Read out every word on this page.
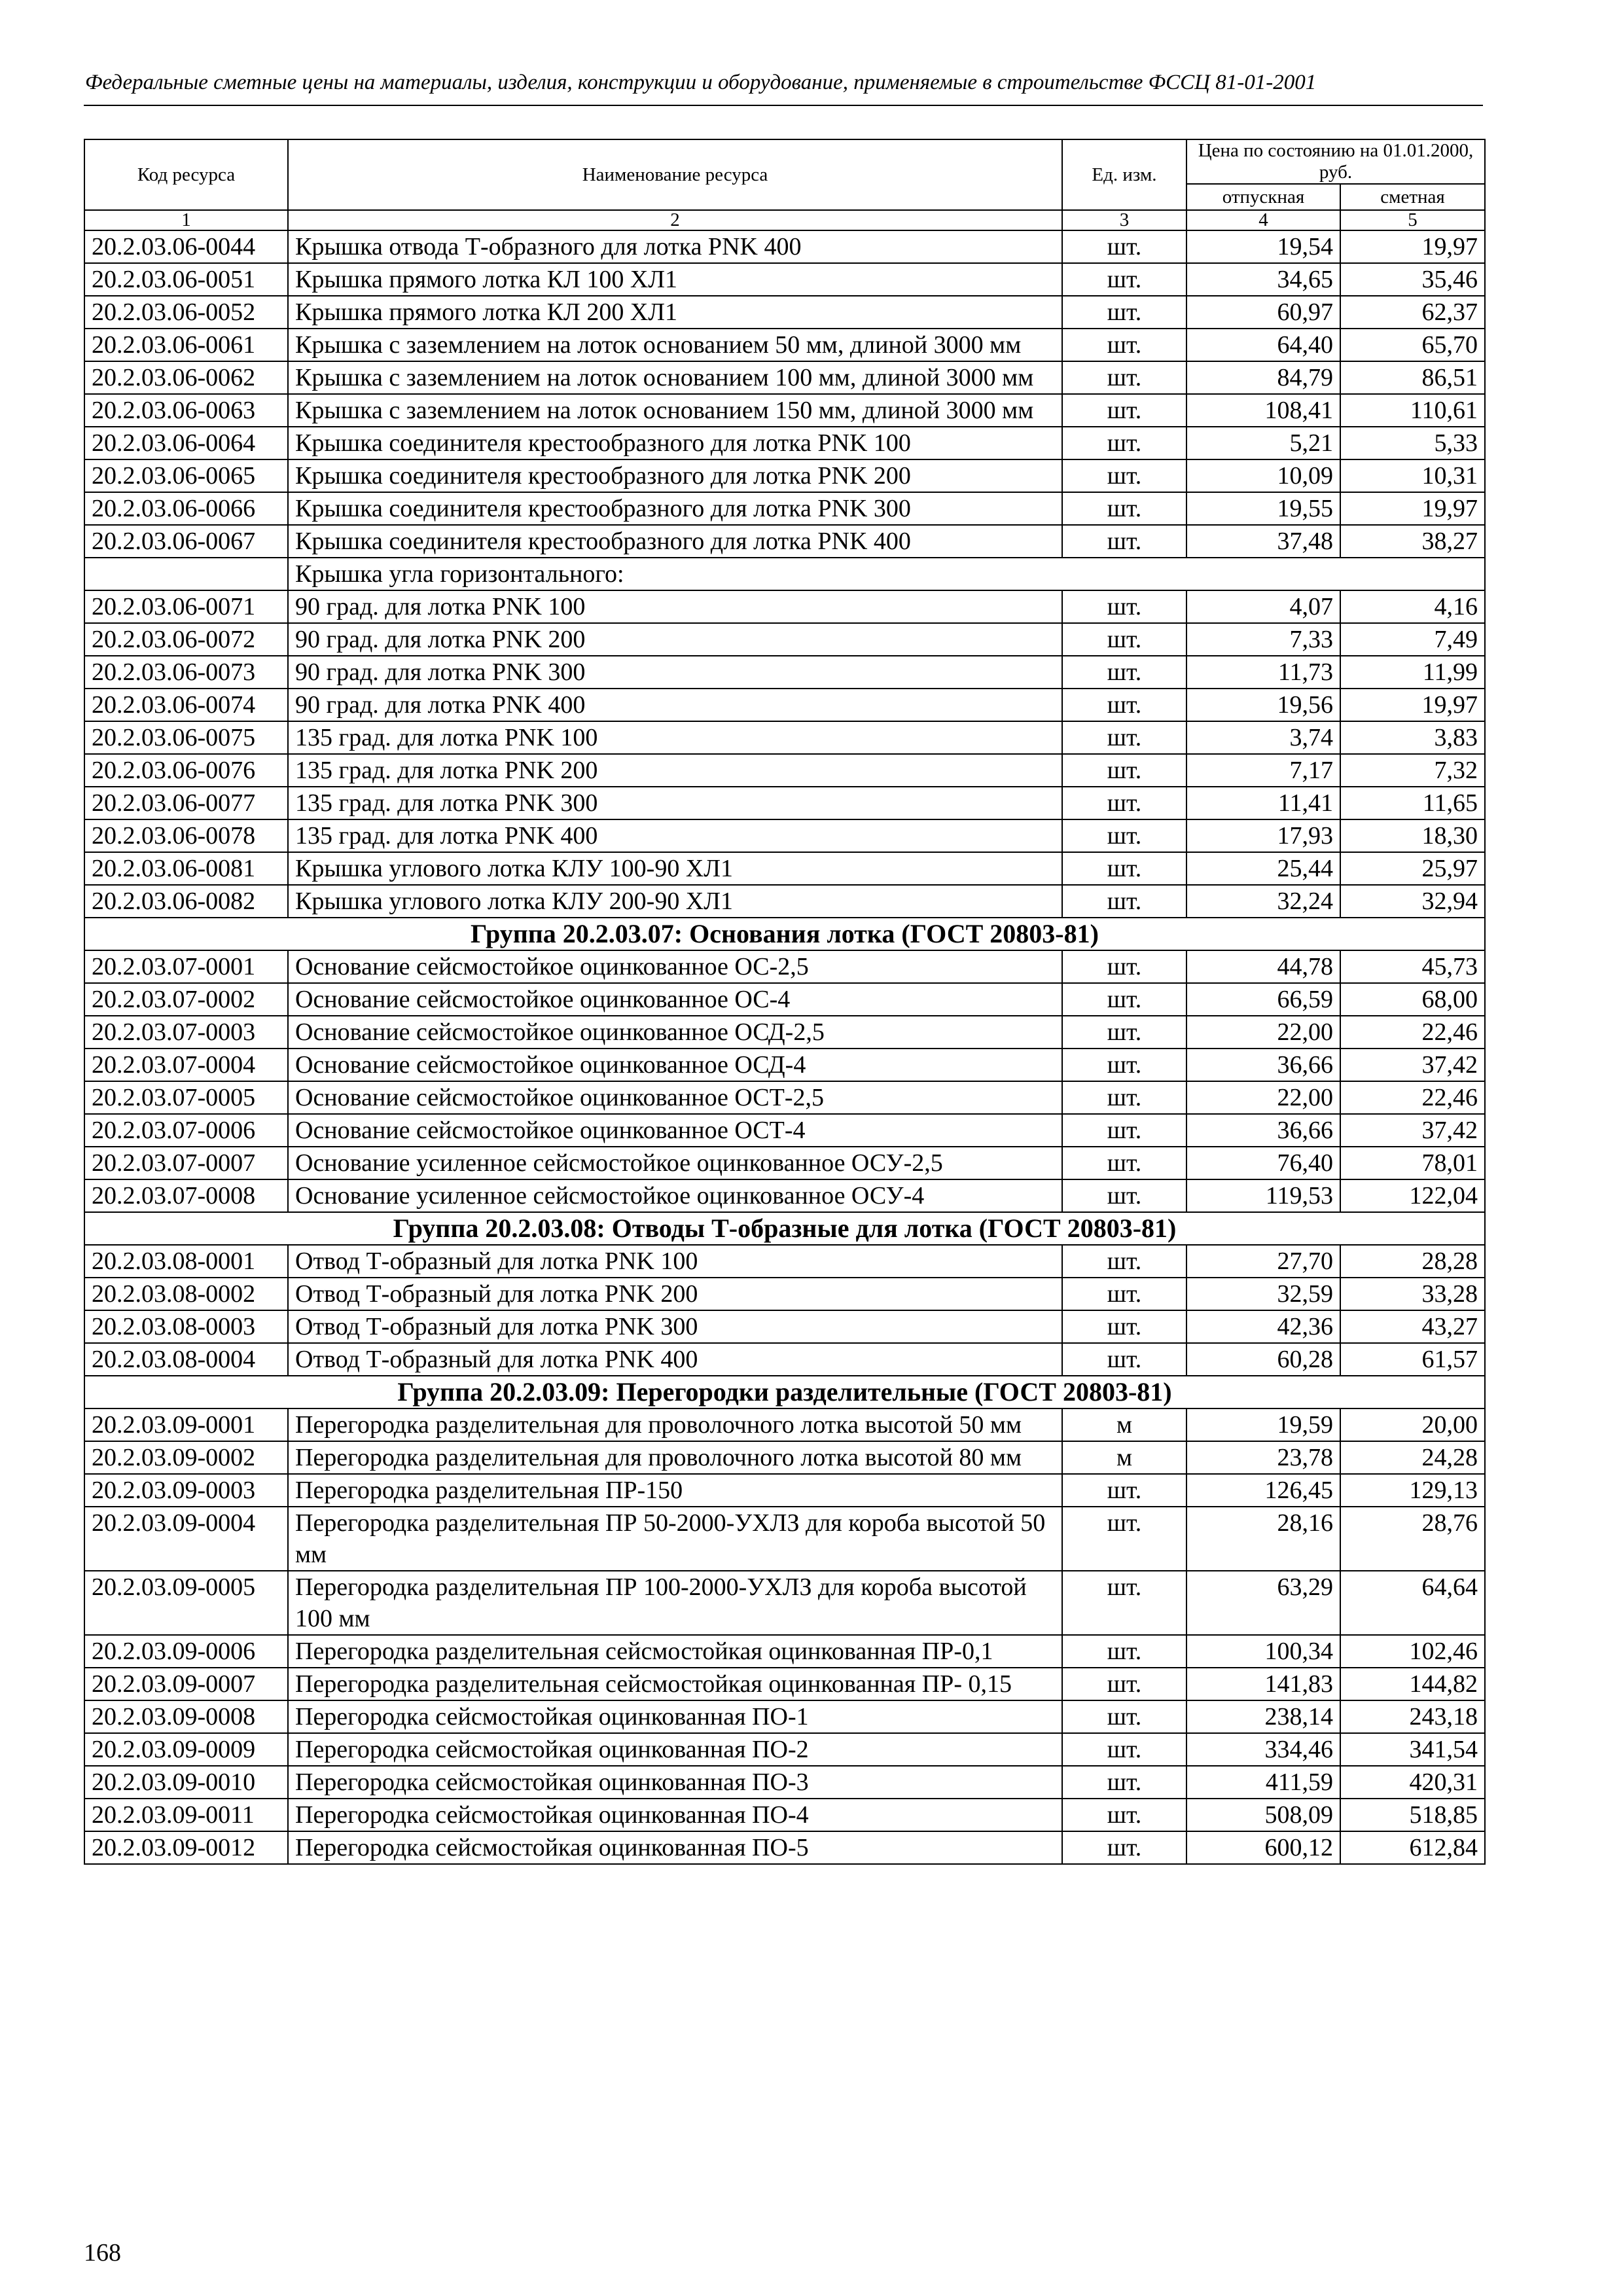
Федеральные сметные цены на материалы, изделия, конструкции и оборудование, применяемые в строительстве ФССЦ 81-01-2001
Код ресурса	Наименование ресурса	Ед. изм.	Цена по состоянию на 01.01.2000, руб.	
			отпускная	сметная
1	2	3	4	5
20.2.03.06-0044	Крышка отвода Т-образного для лотка PNK 400	шт.	19,54	19,97
20.2.03.06-0051	Крышка прямого лотка КЛ 100 ХЛ1	шт.	34,65	35,46
20.2.03.06-0052	Крышка прямого лотка КЛ 200 ХЛ1	шт.	60,97	62,37
20.2.03.06-0061	Крышка с заземлением на лоток основанием 50 мм, длиной 3000 мм	шт.	64,40	65,70
20.2.03.06-0062	Крышка с заземлением на лоток основанием 100 мм, длиной 3000 мм	шт.	84,79	86,51
20.2.03.06-0063	Крышка с заземлением на лоток основанием 150 мм, длиной 3000 мм	шт.	108,41	110,61
20.2.03.06-0064	Крышка соединителя крестообразного для лотка PNK 100	шт.	5,21	5,33
20.2.03.06-0065	Крышка соединителя крестообразного для лотка PNK 200	шт.	10,09	10,31
20.2.03.06-0066	Крышка соединителя крестообразного для лотка PNK 300	шт.	19,55	19,97
20.2.03.06-0067	Крышка соединителя крестообразного для лотка PNK 400	шт.	37,48	38,27
	Крышка угла горизонтального:			
20.2.03.06-0071	90 град. для лотка PNK 100	шт.	4,07	4,16
20.2.03.06-0072	90 град. для лотка PNK 200	шт.	7,33	7,49
20.2.03.06-0073	90 град. для лотка PNK 300	шт.	11,73	11,99
20.2.03.06-0074	90 град. для лотка PNK 400	шт.	19,56	19,97
20.2.03.06-0075	135 град. для лотка PNK 100	шт.	3,74	3,83
20.2.03.06-0076	135 град. для лотка PNK 200	шт.	7,17	7,32
20.2.03.06-0077	135 град. для лотка PNK 300	шт.	11,41	11,65
20.2.03.06-0078	135 град. для лотка PNK 400	шт.	17,93	18,30
20.2.03.06-0081	Крышка углового лотка КЛУ 100-90 ХЛ1	шт.	25,44	25,97
20.2.03.06-0082	Крышка углового лотка КЛУ 200-90 ХЛ1	шт.	32,24	32,94
Группа 20.2.03.07: Основания лотка (ГОСТ 20803-81)				
20.2.03.07-0001	Основание сейсмостойкое оцинкованное ОС-2,5	шт.	44,78	45,73
20.2.03.07-0002	Основание сейсмостойкое оцинкованное ОС-4	шт.	66,59	68,00
20.2.03.07-0003	Основание сейсмостойкое оцинкованное ОСД-2,5	шт.	22,00	22,46
20.2.03.07-0004	Основание сейсмостойкое оцинкованное ОСД-4	шт.	36,66	37,42
20.2.03.07-0005	Основание сейсмостойкое оцинкованное ОСТ-2,5	шт.	22,00	22,46
20.2.03.07-0006	Основание сейсмостойкое оцинкованное ОСТ-4	шт.	36,66	37,42
20.2.03.07-0007	Основание усиленное сейсмостойкое оцинкованное ОСУ-2,5	шт.	76,40	78,01
20.2.03.07-0008	Основание усиленное сейсмостойкое оцинкованное ОСУ-4	шт.	119,53	122,04
Группа 20.2.03.08: Отводы Т-образные для лотка (ГОСТ 20803-81)				
20.2.03.08-0001	Отвод Т-образный для лотка PNK 100	шт.	27,70	28,28
20.2.03.08-0002	Отвод Т-образный для лотка PNK 200	шт.	32,59	33,28
20.2.03.08-0003	Отвод Т-образный для лотка PNK 300	шт.	42,36	43,27
20.2.03.08-0004	Отвод Т-образный для лотка PNK 400	шт.	60,28	61,57
Группа 20.2.03.09: Перегородки разделительные (ГОСТ 20803-81)				
20.2.03.09-0001	Перегородка разделительная для проволочного лотка высотой 50 мм	м	19,59	20,00
20.2.03.09-0002	Перегородка разделительная для проволочного лотка высотой 80 мм	м	23,78	24,28
20.2.03.09-0003	Перегородка разделительная ПР-150	шт.	126,45	129,13
20.2.03.09-0004	Перегородка разделительная ПР 50-2000-УХЛЗ для короба высотой 50 мм	шт.	28,16	28,76
20.2.03.09-0005	Перегородка разделительная ПР 100-2000-УХЛЗ для короба высотой 100 мм	шт.	63,29	64,64
20.2.03.09-0006	Перегородка разделительная сейсмостойкая оцинкованная ПР-0,1	шт.	100,34	102,46
20.2.03.09-0007	Перегородка разделительная сейсмостойкая оцинкованная ПР- 0,15	шт.	141,83	144,82
20.2.03.09-0008	Перегородка сейсмостойкая оцинкованная ПО-1	шт.	238,14	243,18
20.2.03.09-0009	Перегородка сейсмостойкая оцинкованная ПО-2	шт.	334,46	341,54
20.2.03.09-0010	Перегородка сейсмостойкая оцинкованная ПО-3	шт.	411,59	420,31
20.2.03.09-0011	Перегородка сейсмостойкая оцинкованная ПО-4	шт.	508,09	518,85
20.2.03.09-0012	Перегородка сейсмостойкая оцинкованная ПО-5	шт.	600,12	612,84
168
